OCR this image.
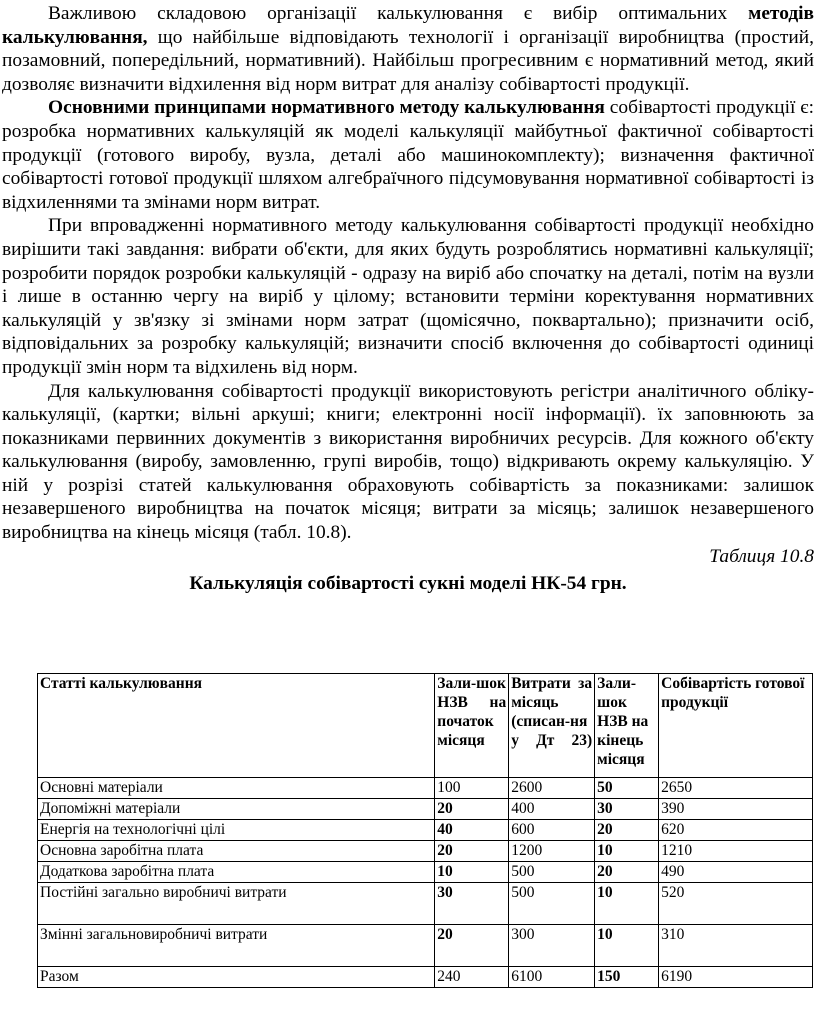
Важливою складовою організації калькулювання є вибір оптимальних методів калькулювання, що найбільше відповідають технології і організації виробництва (простий, позамовний, попередільний, нормативний). Найбільш прогресивним є нормативний метод, який дозволяє визначити відхилення від норм витрат для аналізу собівартості продукції.

Основними принципами нормативного методу калькулювання собівартості продукції є: розробка нормативних калькуляцій як моделі калькуляції майбутньої фактичної собівартості продукції (готового виробу, вузла, деталі або машинокомплекту); визначення фактичної собівартості готової продукції шляхом алгебраїчного підсумовування нормативної собівартості із відхиленнями та змінами норм витрат.

При впровадженні нормативного методу калькулювання собівартості продукції необхідно вирішити такі завдання: вибрати об'єкти, для яких будуть розроблятись нормативні калькуляції; розробити порядок розробки калькуляцій - одразу на виріб або спочатку на деталі, потім на вузли і лише в останню чергу на виріб у цілому; встановити терміни коректування нормативних калькуляцій у зв'язку зі змінами норм затрат (щомісячно, поквартально); призначити осіб, відповідальних за розробку калькуляцій; визначити спосіб включення до собівартості одиниці продукції змін норм та відхилень від норм.

Для калькулювання собівартості продукції використовують регістри аналітичного обліку-калькуляції, (картки; вільні аркуші; книги; електронні носії інформації). їх заповнюють за показниками первинних документів з використання виробничих ресурсів. Для кожного об'єкту калькулювання (виробу, замовленню, групі виробів, тощо) відкривають окрему калькуляцію. У ній у розрізі статей калькулювання обраховують собівартість за показниками: залишок незавершеного виробництва на початок місяця; витрати за місяць; залишок незавершеного виробництва на кінець місяця (табл. 10.8).

Таблиця 10.8

Калькуляція собівартості сукні моделі НК-54 грн.

Статті калькулювання	Зали-шок НЗВ на початок місяця	Витрати за місяць (списан-ня у Дт 23)	Зали-шок НЗВ на кінець місяця	Собівартість готової продукції
Основні матеріали	100	2600	50	2650
Допоміжні матеріали	20	400	30	390
Енергія на технологічні цілі	40	600	20	620
Основна заробітна плата	20	1200	10	1210
Додаткова заробітна плата	10	500	20	490
Постійні загально виробничі витрати	30	500	10	520
Змінні загальновиробничі витрати	20	300	10	310
Разом	240	6100	150	6190
